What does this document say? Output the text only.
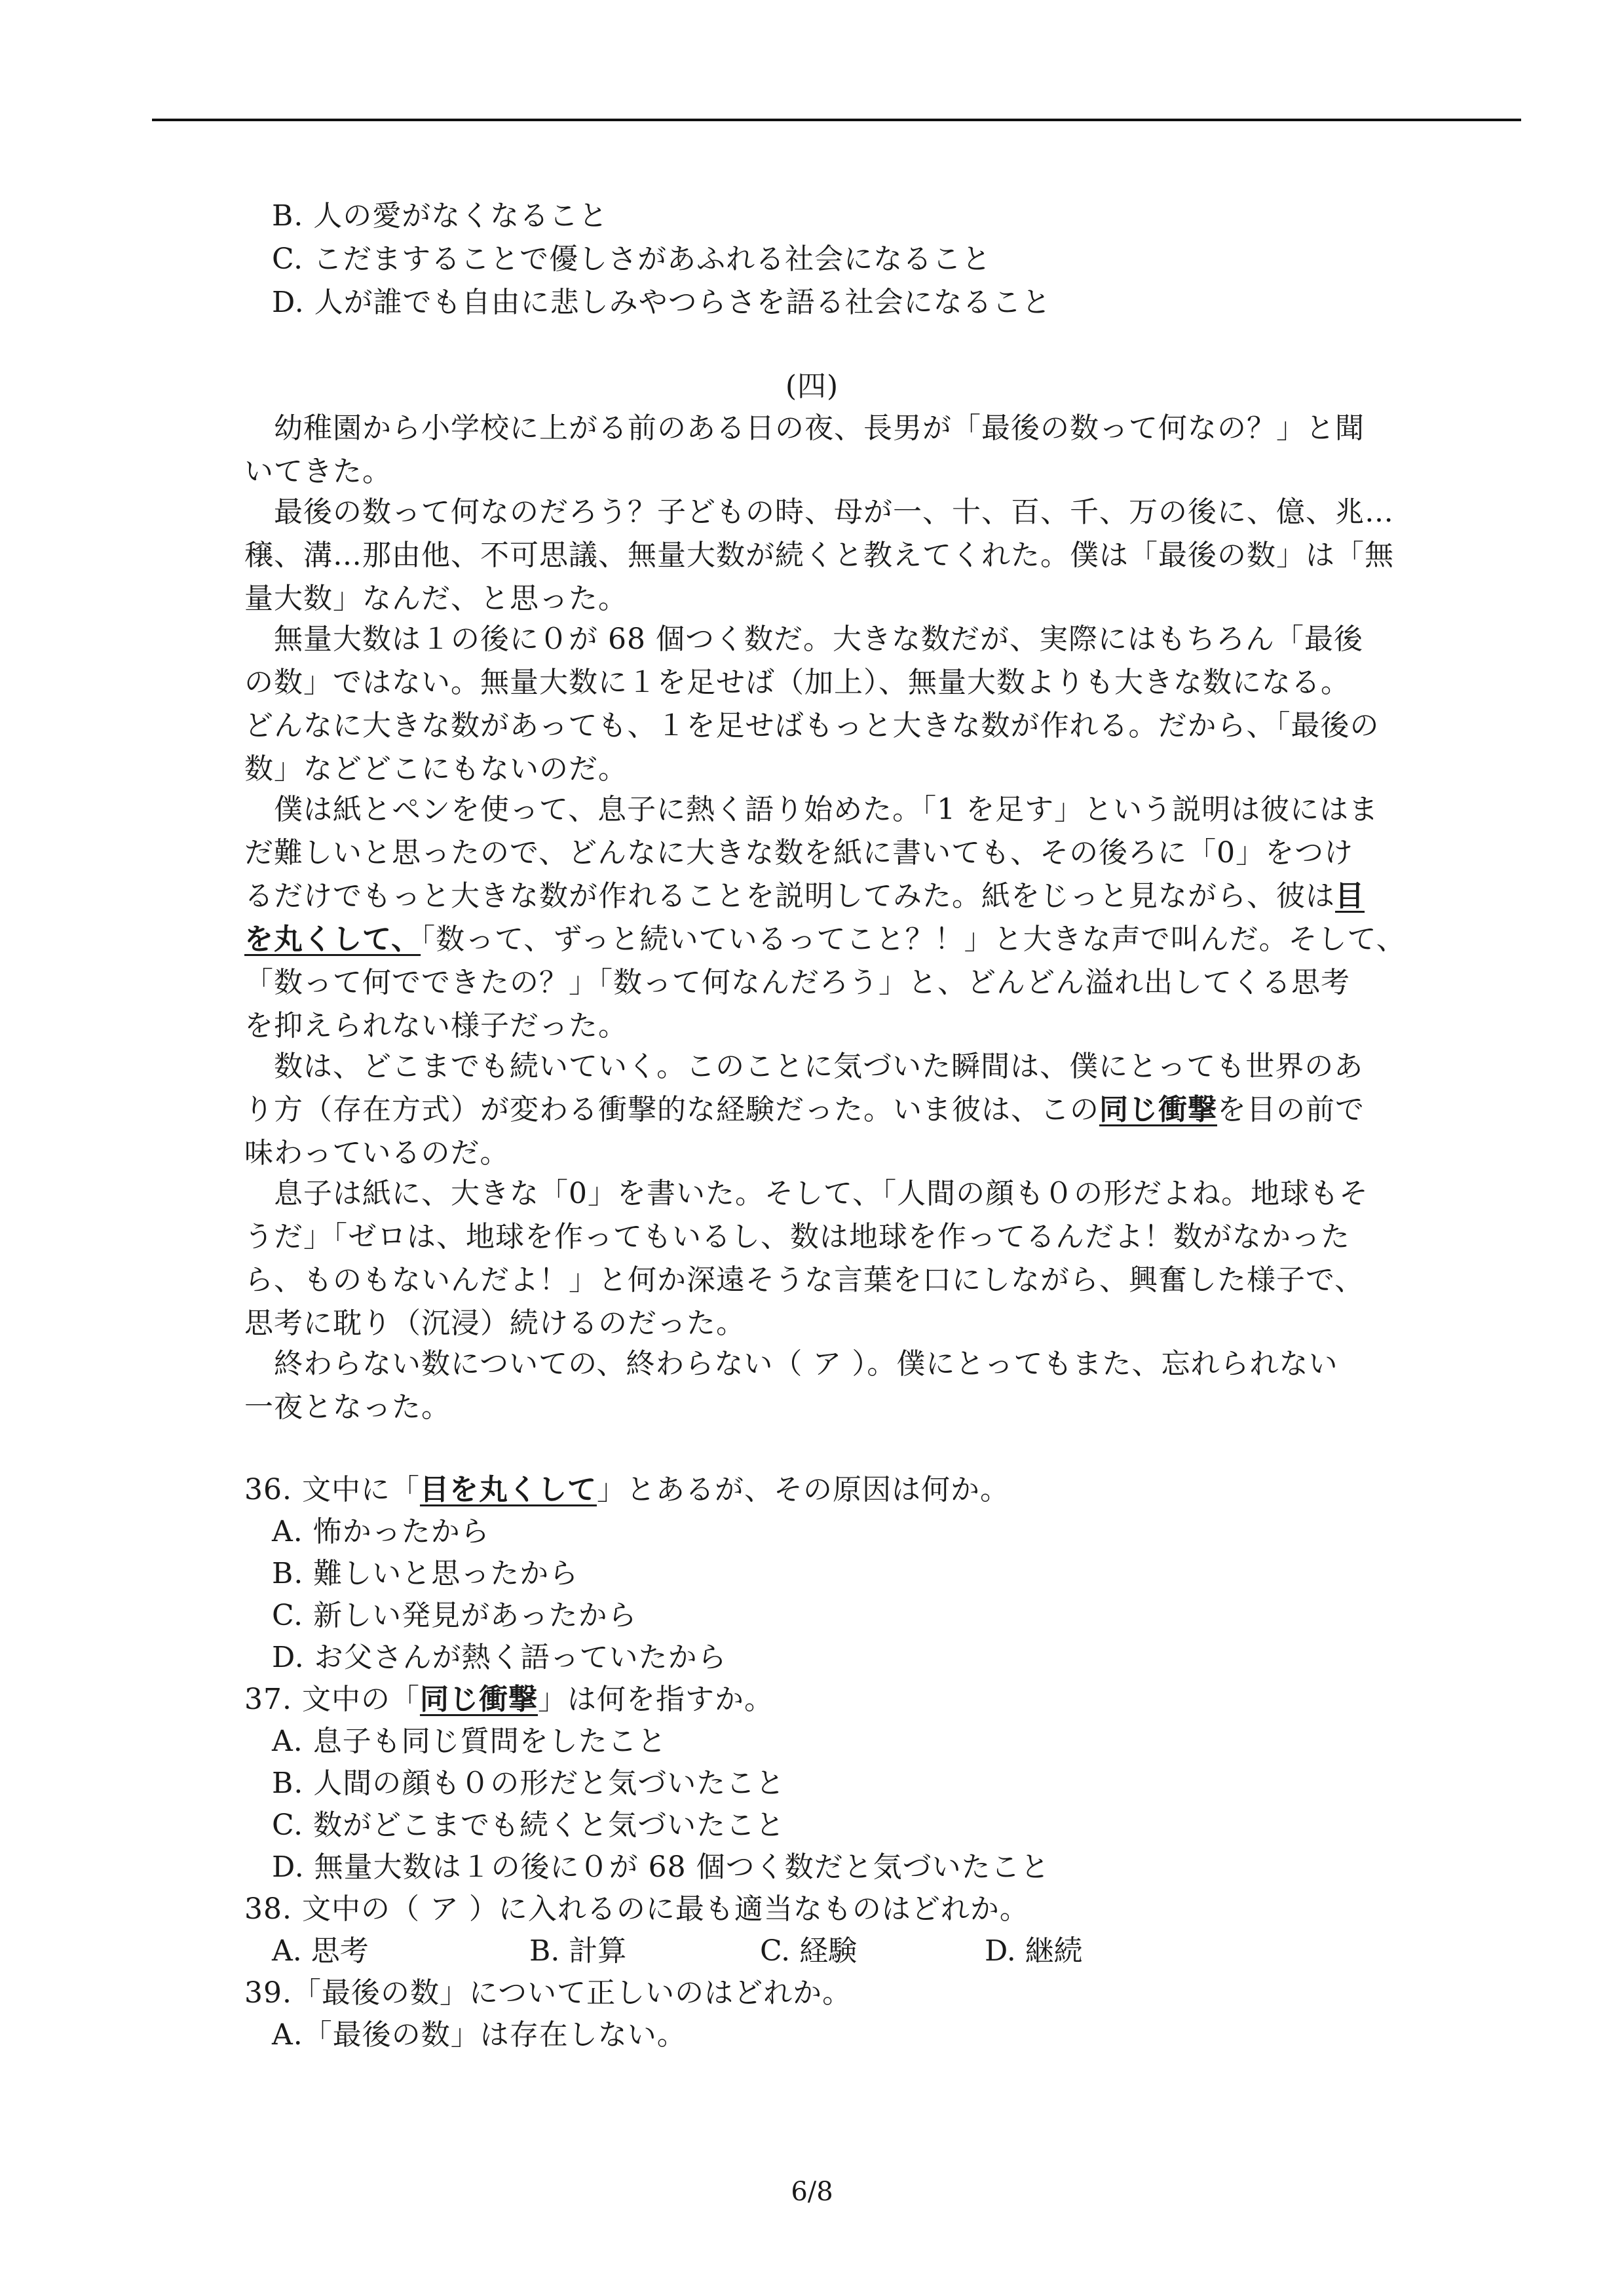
B. 人の愛がなくなること
C. こだますることで優しさがあふれる社会になること
D. 人が誰でも自由に悲しみやつらさを語る社会になること
(四)
幼稚園から小学校に上がる前のある日の夜、長男が「最後の数って何なの？」と聞
いてきた。
最後の数って何なのだろう？子どもの時、母が一、十、百、千、万の後に、億、兆…
穣、溝…那由他、不可思議、無量大数が続くと教えてくれた。僕は「最後の数」は「無
量大数」なんだ、と思った。
無量大数は１の後に０が 68 個つく数だ。大きな数だが、実際にはもちろん「最後
の数」ではない。無量大数に１を足せば（加上）、無量大数よりも大きな数になる。
どんなに大きな数があっても、１を足せばもっと大きな数が作れる。だから、「最後の
数」などどこにもないのだ。
僕は紙とペンを使って、息子に熱く語り始めた。「1 を足す」という説明は彼にはま
だ難しいと思ったので、どんなに大きな数を紙に書いても、その後ろに「0」をつけ
るだけでもっと大きな数が作れることを説明してみた。紙をじっと見ながら、彼は目
を丸くして、「数って、ずっと続いているってこと？！」と大きな声で叫んだ。そして、
「数って何でできたの？」「数って何なんだろう」と、どんどん溢れ出してくる思考
を抑えられない様子だった。
数は、どこまでも続いていく。このことに気づいた瞬間は、僕にとっても世界のあ
り方（存在方式）が変わる衝撃的な経験だった。いま彼は、この同じ衝撃を目の前で
味わっているのだ。
息子は紙に、大きな「0」を書いた。そして、「人間の顔も０の形だよね。地球もそ
うだ」「ゼロは、地球を作ってもいるし、数は地球を作ってるんだよ！数がなかった
ら、ものもないんだよ！」と何か深遠そうな言葉を口にしながら、興奮した様子で、
思考に耽り（沉浸）続けるのだった。
終わらない数についての、終わらない（ ア ）。僕にとってもまた、忘れられない
一夜となった。
36. 文中に「目を丸くして」とあるが、その原因は何か。
A. 怖かったから
B. 難しいと思ったから
C. 新しい発見があったから
D. お父さんが熱く語っていたから
37. 文中の「同じ衝撃」は何を指すか。
A. 息子も同じ質問をしたこと
B. 人間の顔も０の形だと気づいたこと
C. 数がどこまでも続くと気づいたこと
D. 無量大数は１の後に０が 68 個つく数だと気づいたこと
38. 文中の（ ア ）に入れるのに最も適当なものはどれか。
A. 思考	B. 計算	C. 経験	D. 継続
39.「最後の数」について正しいのはどれか。
A.「最後の数」は存在しない。
6/8
